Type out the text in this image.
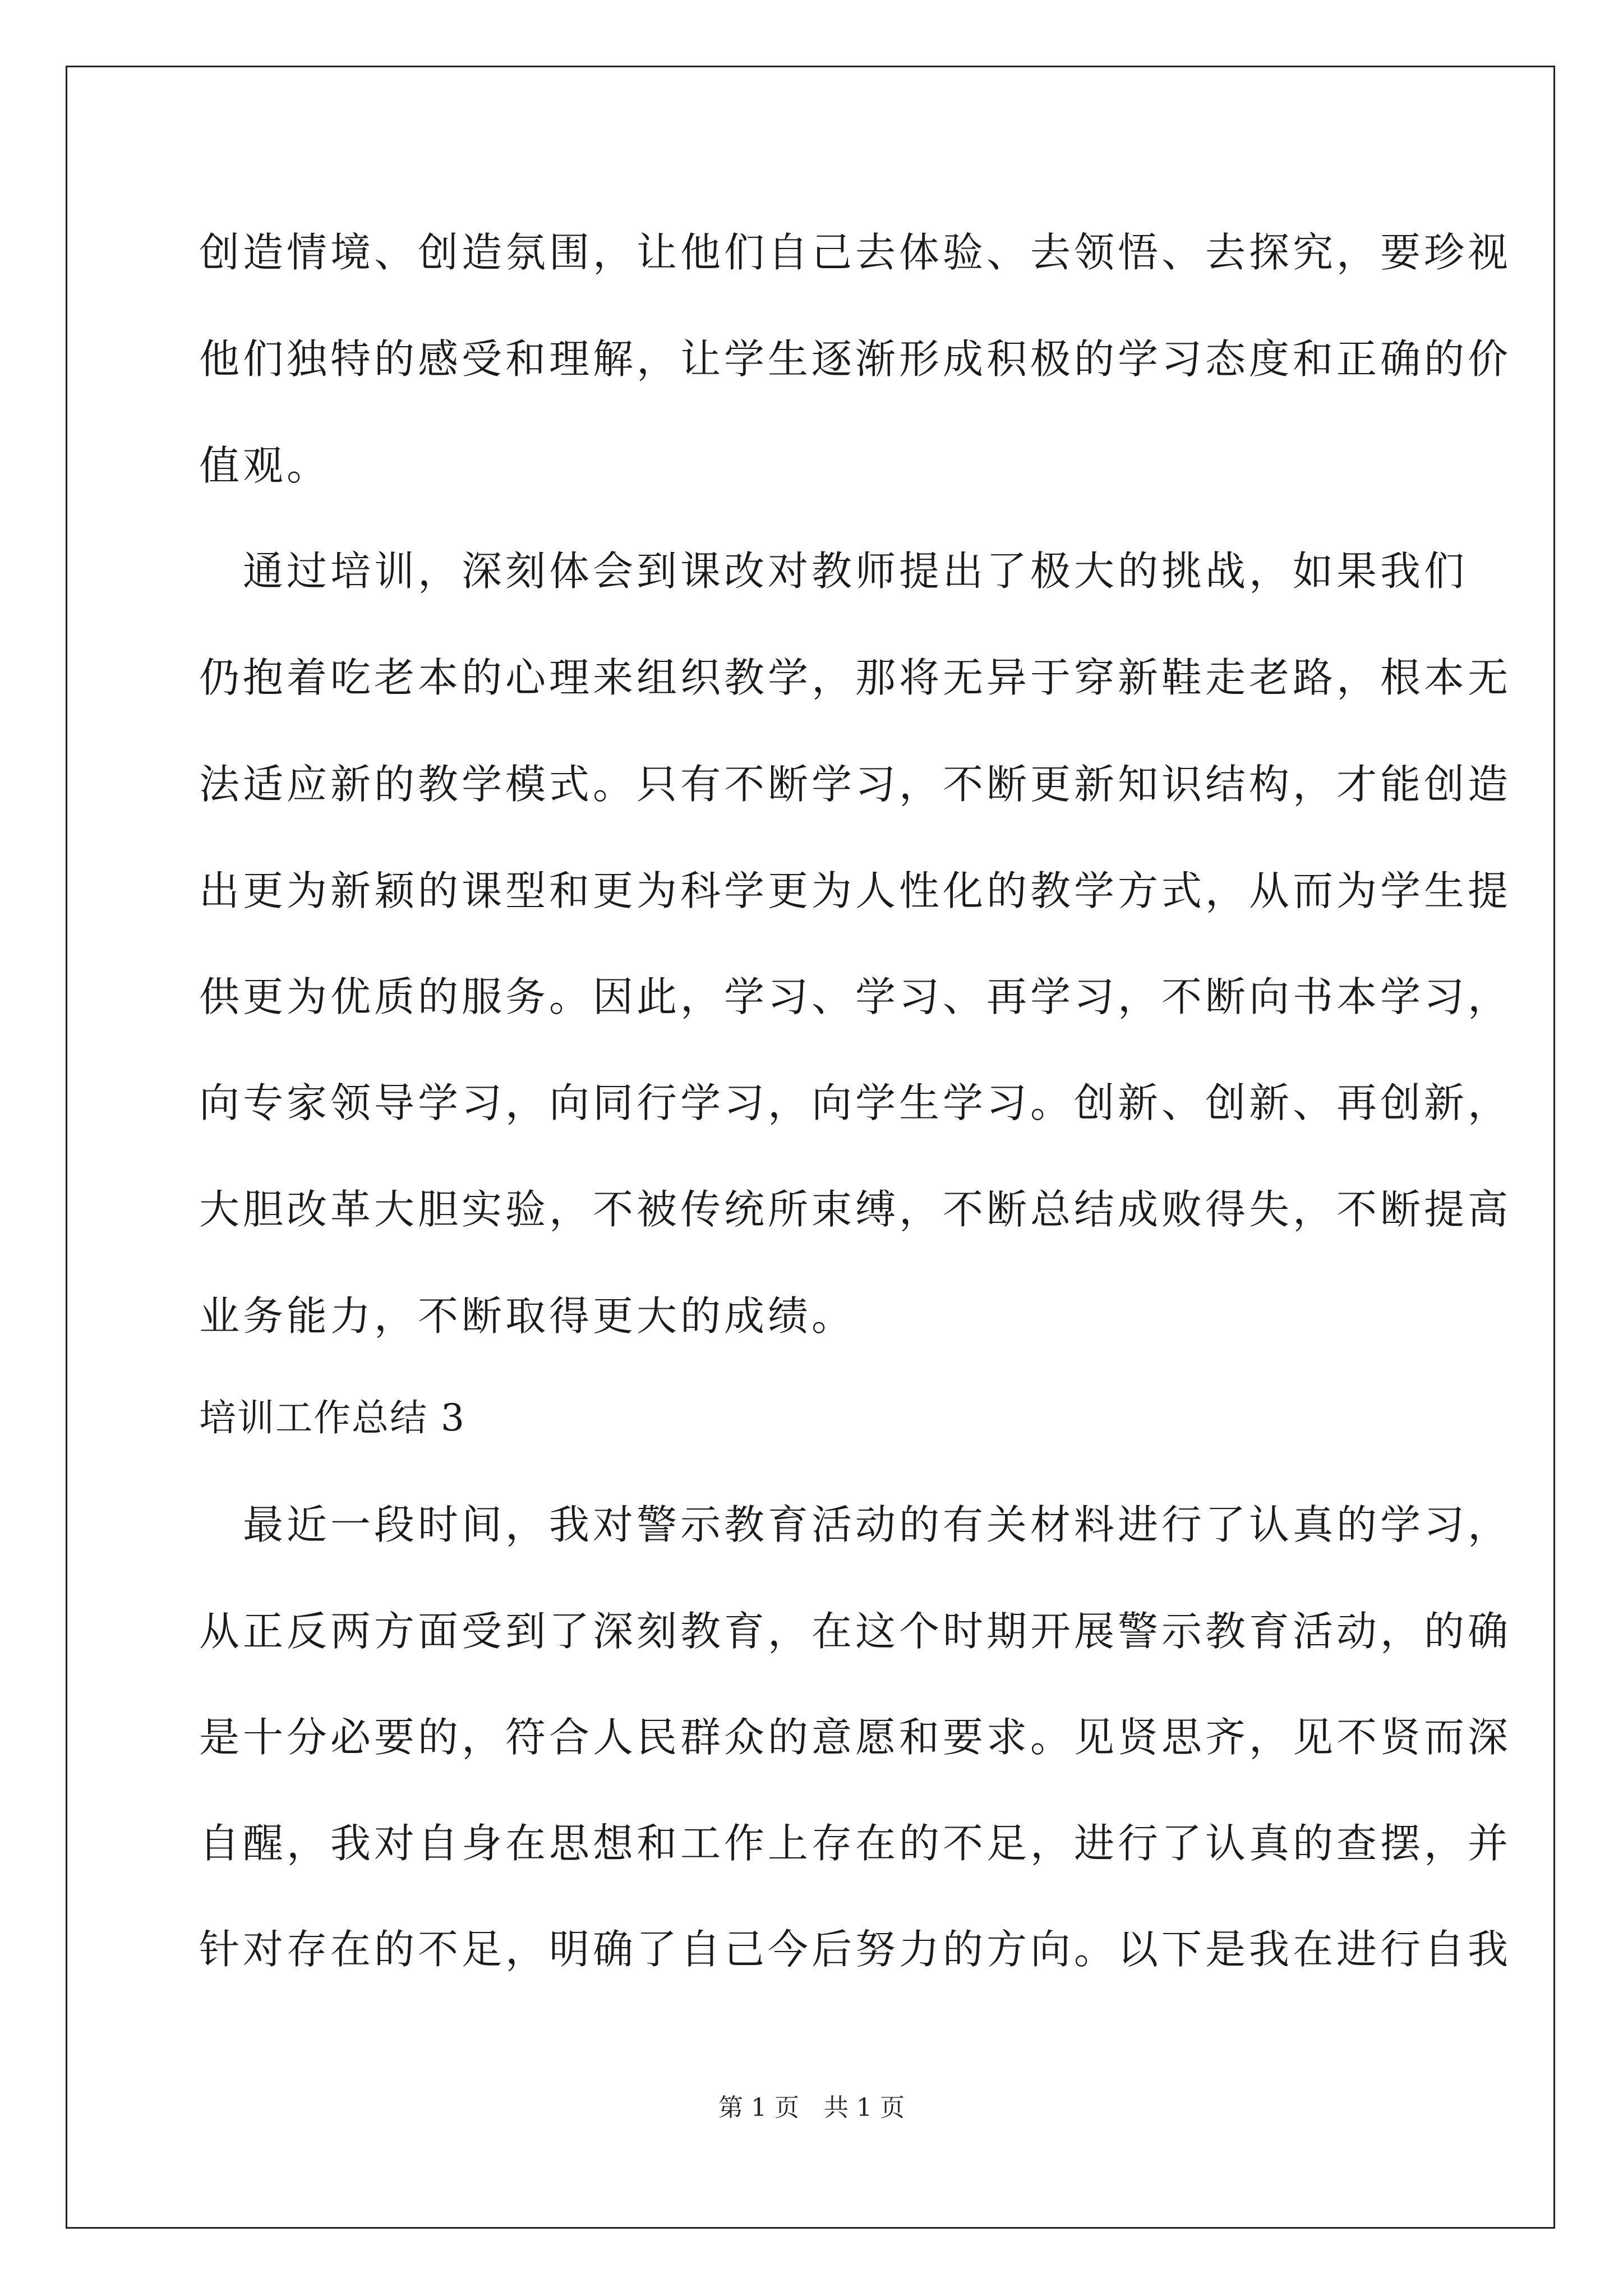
创造情境、创造氛围，让他们自己去体验、去领悟、去探究，要珍视
他们独特的感受和理解，让学生逐渐形成积极的学习态度和正确的价
值观。
　通过培训，深刻体会到课改对教师提出了极大的挑战，如果我们
仍抱着吃老本的心理来组织教学，那将无异于穿新鞋走老路，根本无
法适应新的教学模式。只有不断学习，不断更新知识结构，才能创造
出更为新颖的课型和更为科学更为人性化的教学方式，从而为学生提
供更为优质的服务。因此，学习、学习、再学习，不断向书本学习，
向专家领导学习，向同行学习，向学生学习。创新、创新、再创新，
大胆改革大胆实验，不被传统所束缚，不断总结成败得失，不断提高
业务能力，不断取得更大的成绩。
培训工作总结 3
　最近一段时间，我对警示教育活动的有关材料进行了认真的学习，
从正反两方面受到了深刻教育，在这个时期开展警示教育活动，的确
是十分必要的，符合人民群众的意愿和要求。见贤思齐，见不贤而深
自醒，我对自身在思想和工作上存在的不足，进行了认真的查摆，并
针对存在的不足，明确了自己今后努力的方向。以下是我在进行自我
第 1 页　共 1 页
